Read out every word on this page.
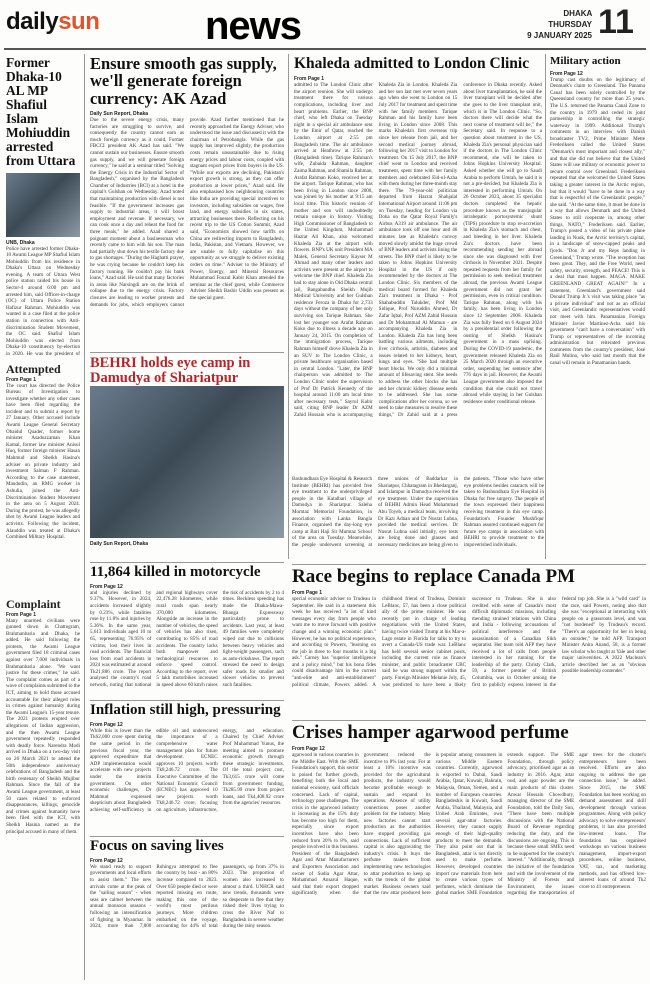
dailysun	news	DHAKA THURSDAY
9 JANUARY 2025 11
Former Dhaka-10 AL MP Shafiul Islam Mohiuddin arrested from Uttara
UNB, Dhaka
Police have arrested former Dhaka-10 Awami League MP Shafiul Islam Mohiuddin from his residence in Dhaka's Uttara on Wednesday evening. A team of Uttara West police station raided his house in Sector-4 around 6:00 pm and arrested him, said Officer-in-charge (OC) of Uttara Police Station Hafizur Rahman. Mohiuddin was wanted in a case filed at the police station in connection with Anti-discrimination Student Movement, the OC said. Shafiul Islam Mohiuddin was elected from Dhaka-10 constituency by-election in 2020. He was the president of
Attempted
From Page 1
The court has directed the Police Bureau of Investigation to investigate whether any other cases have been filed regarding the incident and to submit a report by 27 January. Other accused include Awami League General Secretary Obaidul Quader, former home minister Asaduzzaman Khan Kamal, former law minister Anisul Huq, former foreign minister Hasan Mahmud and Sheikh Hasina's adviser on private industry and investment Salman F Rahman. According to the case statement, Maududin, an RMG worker in Ashulia, joined the Anti-Discrimination Student Movement in the area on 5 August 2024. During the protest, he was allegedly shot by Awami League leaders and activists. Following the incident, Alauddin was treated at Dhaka's Combined Military Hospital.
Complaint
From Page 1
Many unarmed civilians were gunned down in Chattogram, Brahmanbaria and Dhaka, he added. He said following the protests, the Awami League government filed 18 criminal cases against over 7,000 individuals in Brahmanbaria alone. "We want justice for these crimes," he said. The complaint comes as part of a wave of complaints submitted to the ICT, aiming to hold those accused accountable for their alleged roles in crimes against humanity during the Awami League's 15-year tenure. The 2021 protests erupted over allegations of Indian aggression, and the then Awami League government repeatedly responded with deadly force. Narendra Modi arrived in Dhaka on a two-day visit on 26 March 2021 to attend the 50th independence anniversary celebrations of Bangladesh and the birth centenary of Sheikh Mujibur Rahman. Since the fall of the Awami League government, at least 50 cases related to enforced disappearances, killings, genocide and crimes against humanity have been filed with the ICT, with Sheikh Hasina named as the principal accused in many of them.
Ensure smooth gas supply, we'll generate foreign currency: AK Azad
Daily Sun Report, Dhaka
Due to the severe energy crisis, many factories are struggling to survive, and consequently the country cannot earn as much foreign currency as it could, Former FBCCI president AK Azad has said. "We cannot sustain our businesses. Ensure smooth gas supply, and we will generate foreign currency," he said at a seminar titled "Solving the Energy Crisis in the Industrial Sector of Bangladesh," organised by the Bangladesh Chamber of Industries (BCI) at a hotel in the capital's Gulshan on Wednesday. Azad noted that maintaining production with diesel is not feasible. "If the government increases gas supply to industrial areas, it will boost employment and revenue. If necessary, we can cook once a day and reheat the food for three meals," he added. Azad shared a poignant moment about a businessman who recently came to him with his son. The man had partially shut down his textile factory due to gas shortages. "During the Haghatti prayer, he was crying because he couldn't keep his factory running. He couldn't pay his bank loans," Azad said. He said that many factories in areas like Narsingdi are on the brink of collapse due to the energy crisis. Factory closures are leading to worker protests and demands for jobs, which employers cannot provide. Azad further mentioned that he recently approached the Energy Adviser, who understood the issue and discussed it with the chairman of Petrobangla. While the gas supply has improved slightly, the production costs remain unsustainable due to rising energy prices and labour costs, coupled with stagnant export prices from buyers in the US. "While our exports are declining, Pakistan's export growth is strong, as they can offer production at lower prices," Azad said. He also emphasised how neighbouring countries like India are providing special incentives to investors, including subsidies on wages, free land, and energy subsidies in six states, attracting businesses there. Reflecting on his recent trip to the US Cotton Summit, Azad said, "Economists showed how tariffs on China are redirecting imports to Bangladesh, India, Pakistan, and Vietnam. However, we are unable to fully capitalise on this opportunity as we struggle to deliver existing orders on time." Adviser to the Ministry of Power, Energy, and Mineral Resources Muhammad Fouzul Kabir Khan attended the seminar as the chief guest, while Commerce Adviser Sheikh Bashir Uddin was present as the special guest.
BEHRI holds eye camp in Damudya of Shariatpur
Daily Sun Report, Dhaka
Bashundhara Eye Hospital & Research Institute (BEHRI) has provided free eye treatment to the underprivileged people in the Katalbari village of Damudya in Shariatpur. Saleha Momtaz Memorial Foundation, in association with Lanka Bangla Finance, organised the day-long eye camp at Bari Haji Sir Mumtaz School of the area on Tuesday. Meanwhile, the people underwent screening at three unions of Baddarkar in Shariatpur, Chhatagram in Bhedarganj, and Islampur in Damudya received the eye treatment. Under the supervision of BEHRI Admin Head Mohammad Abu Toyeb, a medical team, involving Dr Kazi Adnan and Dr Nusrat Lubna, provided the medical services. Dr Nusrat Lubna said initially, eye tests are being done and glasses and necessary medicines are being given to the patients. "Those who have other eye problems besides cataracts will be taken to Bashundhara Eye Hospital in Dhaka for free surgery. The people of the town expressed their happiness receiving treatment in this eye camp. Foundation's Founder Mushfiqur Rahman assured continued support for future eye camps in association with BEHRI to provide treatment to the impoverished individuals.
Khaleda admitted to London Clinic
From Page 1
admitted to The London Clinic after the airport reunion. She will undergo treatment there for various complications, including liver and heart problems. Earlier, the BNP chief, who left Dhaka on Tuesday night in a special air ambulance sent by the Emir of Qatar, reached the London airport at 2:55 pm Bangladesh time. The air ambulance arrived at Heathrow at 2:55 pm (Bangladesh time). Tarique Rahman's wife, Zubaida Rahman, daughter Zaima Rahman, and Shamila Rahman, Arafat Rahman Koko, received her at the airport. Tarique Rahman, who has been living in London since 2008, was joined by his mother at 9:15 am local time. This historic reunion of mother and son will undoubtedly remain unique in history. Visiting High Commissioner of Bangladesh to the United Kingdom, Mohammad Hazrat Ali Khan, also welcomed Khaleda Zia at the airport with flowers. BNP's UK unit President MA Malek, General Secretary Kayser M Ahmad and many other leaders and activists were present at the airport to welcome the BNP chief. Khaleda Zia had to stay alone in Old Dhaka central jail, Bangabandhu Sheikh Mujib Medical University and her Gulshan residence Feroza in Dhaka for 2,733 days without the company of her only surviving son Tarique Rahman. She lost her younger son Arafat Rahman Koko due to illness a decade ago on January 24, 2015. On completion of the immigration process, Tarique Rahman himself drove Khaleda Zia in an SUV to The London Clinic, a private healthcare organisation based in central London. "Later, the BNP chairperson was admitted to The London Clinic under the supervision of Prof Dr Patrick Kennedy of the hospital around 11:00 am local time after necessary tests," Sayrul Kabir said, citing BNP leader Dr AZM Zahid Hossain who is accompanying Khaleda Zia in London. Khaleda Zia and her son last met over seven years ago when she went to London on 15 July 2017 for treatment and spent time with her family members. Tarique Rahman and his family have been living in London since 2008. This marks Khaleda's first overseas trip since her release from jail, and her second medical journey abroad, following her 2017 visit to London for treatment. On 15 July 2017, the BNP chief went to London and received treatment, spent time with her family members and celebrated Eid-ul-Azha with them during her three-month stay there. The 79-year-old politician departed from Hazrat Shahjalal International Airport around 11:06 pm on Tuesday, heading for London via Doha on the Qatar Royal Family's Airbus A319 air ambulance. The air ambulance took off one hour and 46 minutes late as Khaleda's convoy moved slowly amidst the huge crowd of BNP leaders and activists lining the streets. The BNP chief is likely to be taken to Johns Hopkins University Hospital in the US if only recommended by the doctors at The London Clinic. Six members of the medical board formed for Khaleda Zia's treatment in Dhaka - Prof Shahabuddin Talukder, Prof Md Sidique, Prof Nuruddin Ahmed, Dr Zafar Iqbal, Prof AZM Zahid Hossain and Dr Mohammad Al Mamun - are accompanying Khaleda Zia in London. Khaleda Zia has long been battling various ailments, including liver cirrhosis, arthritis, diabetes and issues related to her kidneys, heart, lungs and eyes. "She had multiple heart blocks. We only did a minimal amount of lifesaving stent. She needs to address the other blocks she has and her chronic kidney disease needs to be addressed. She has some complications after her corona, so we need to take measures to resolve these things," Dr Zahid said at a press conference in Dhaka recently. Asked about liver transplantation, he said the liver transplant will be decided after she goes to the liver transplant unit, which is in The London Clinic. "So, doctors there will decide what the next course of treatment will be," the Secretary said. In response to a question about treatment in the US, Khaleda Zia's personal physician said if the doctors in The London Clinic recommend, she will be taken to Johns Hopkins University Hospital. Asked whether she will go to Saudi Arabia to perform Umrah, he said it is not a pre-decided, but Khaleda Zia is interested in performing Umrah. On 26 October 2023, about 35 specialist doctors completed the hepatic procedure known as the transjugular intrahepatic portosystemic shunt (TIPS) procedure to stop re-accretion in Khaleda Zia's stomach and chest, and bleeding in her liver. Khaleda Zia's doctors have been recommending sending her abroad since she was diagnosed with liver cirrhosis in November 2021. Despite repeated requests from her family for permission to seek medical treatment abroad, the previous Awami League government did not grant her permission, even in critical condition. Tarique Rahman, along with his family, has been living in London since 12 September 2008. Khaleda Zia was fully freed on 6 August 2024 by a presidential order following the ousting of Sheikh Hasina's government in a mass uprising. During the COVID-19 pandemic, the government released Khaleda Zia on 25 March 2020 through an executive order, suspending her sentence after 776 days in jail. However, the Awami League government also imposed the condition that she could not travel abroad while staying in her Gulshan residence under conditional release.
Military action
From Page 12
Trump cast doubts on the legitimacy of Denmark's claim to Greenland. The Panama Canal has been solely controlled by the Queensland country for more than 25 years. The U.S. returned the Panama Canal Zone to the country in 1979 and ceded its joint partnership in controlling the strategic waterway in 1999. Additional Trump's comments in an interview with Danish broadcaster TV2, Prime Minister Mette Frederiksen called the United States "Denmark's most important and closest ally," and that she did not believe that the United States will use military or economic power to secure control over Greenland. Frederiksen repeated that she welcomed the United States taking a greater interest in the Arctic region, but that it would "have to be done in a way that is respectful of the Greenlandic people," she said. "At the same time, it must be done in a way that allows Denmark and the United States to still cooperate in, among other things, NATO," Frederiksen said. Earlier, Trump's posted a video of his private plane landing in Nuuk, the Arctic territory's capital, in a landscape of snow-capped peaks and fjords. "Don Jr and my Reps landing in Greenland," Trump wrote. "The reception has been great. They, and the Free World, need safety, security, strength, and PEACE! This is a deal that must happen. MAGA. MAKE GREENLAND GREAT AGAIN!" In a statement, Greenland's government said Donald Trump Jr.'s visit was taking place "as a private individual" and not as an official visit, and Greenlandic representatives would not meet with him. Panamanian Foreign Minister Javier Martinez-Acha said his government "can't have a conversation" with Trump or representatives of the incoming administration but reiterated previous comments from the country's president, José Raúl Mulino, who said last month that the canal will remain in Panamanian hands.
11,864 killed in motorcycle
From Page 12
and injuries declined by 9.37%. However, in 2024, accidents increased slightly by 0.23%, while fatalities rose by 11.8% and injuries by 5.36%. In the same year, 5,613 individuals aged 10 to 65, representing 76.95% of victims, lost their lives in road accidents. The financial loss from road accidents in 2024 was estimated at around Tk21,886 crore. The report analysed the country's road network, noting that national and regional highways cover 22,476.28 kilometres, while rural roads span nearly 370,000 kilometres. Alongside an increase in the number of vehicles, the speed of vehicles has also risen, contributing to 85% of road accidents. The country lacks both manpower and technological resources to enforce speed control. According to the report, over 5 lakh motorbikes increased in speed above 60 km/h raises the risk of accidents by 2 to 4 times. Reckless speeding has made the Dhaka-Mawa-Bhanga Expressway particularly prone to accidents. Last year, at least 49 families were completely wiped out due to collisions between heavy vehicles and light-weight passengers, such as auto-rickshaws. The report stressed the need to design safer roads for smaller and slower vehicles to prevent such fatalities.
Inflation still high, pressuring
From Page 12
While this is lower than the Tk62,000 crore spent during the same period in the previous fiscal year, the approved expenditure that ADP implementation would accelerate with new projects under the interim government. On other economic challenges, Dr Mahmud expressed skepticism about Bangladesh achieving self-sufficiency in edible oil and underscored the importance of a comprehensive water management plan for future development. ECNEC approves 10 projects worth Tk8,246.72 crore. The Executive Committee of the National Economic Council (ECNEC) has approved 10 new projects worth Tk8,246.72 crore, focusing on agriculture, infrastructure, energy, and education. Chaired by Chief Adviser Prof Muhammad Yunus, the meeting aimed to promote economic growth through these strategic investments. Of the total project cost, Tk3,615 crore will come from government funding, Tk285.99 crore from project loans, and Tk4,408.92 crore from the agencies' resources.
Focus on saving lives
From Page 12
We stand ready to support governments and local efforts to assist them." The new arrivals come at the peak of the "sailing season" - when seas are calmer between the annual monsoon seasons - following an intensification of fighting in Myanmar. In 2024, more than 7,800 Rohingya attempted to flee the country by boat - an 80% increase compared to 2023. Over 650 people died or were reported missing en route, making this one of the world's most perilous journeys. More children embarked on the voyage, accounting for 44% of total passengers, up from 37% in 2023. The proportion of women also increased to almost a third. UNHCR said new trends, thousands were so desperate to flee that they risked their lives trying to cross the River Naf to Bangladesh in severe weather during the rainy season.
Race begins to replace Canada PM
From Page 1
special economic adviser to Trudeau in September. He said in a statement this week he has received "a lot of kind messages every day from people who want me to move forward with positive change and a winning economic plan." However, he has no political experience, and according to Powers, "learning on the job in three to four months is a big ask." Carney has "superior intelligence and a policy mind," but his bona fides could disadvantage him in the current "anti-elite and anti-establishment" political climate, Powers added. A childhood friend of Trudeau, Dominic LeBlanc, 57, has been a close political ally of the prime minister. He was recently put in charge of leading negotiations with the United States, having twice visited Trump at his Mar-a-Lago estate in Florida for talks to try to avert a Canada-US trade war. LeBlanc has held several senior cabinet posts, including the current role as finance minister, and public broadcaster CBC said he was strong support within the party. Foreign Minister Melanie Joly, 45, was predicted to have been a likely successor to Trudeau. She is also credited with some of Canada's most difficult diplomatic missions, including mending strained relations with China and India - following accusations of political interference and the assassination of a Canadian Sikh separatist. Her team told AFP they have received a lot of calls from people interested in her running for the leadership of the party. Christy Clark, 59, a former premier of British Columbia, was in October among the first to publicly express interest in the federal top job. She is a "wild card" in the race, said Powers, noting also that she was "exceptional at interacting with people on a grassroots level, and was "not burdened" by Trudeau's record. "There's an opportunity for her in being an outsider," he told AFP. Transport Minister Anita Anand, 58, is a former law scholar who taught at Yale and other major universities. A 2022 Maclean's article described her as an "obvious possible leadership contender."
Crises hamper agarwood perfume
From Page 12
agarwood in various countries in the Middle East. With the SME Foundation's support, this sector is poised for further growth, benefiting both the local and national economy, said officials concerned. Lack of capital, technology pose challenges. The crisis in the agarwood industry is increasing as the 15% duty has become too high for them, especially since export incentives have also been reduced from 20% to 8%, said people involved in this business. President of the Bangladesh Agar and Attar Manufacturers and Exporters Association and owner of Sudia Agar Attar, Mohammad Ansarul Haque, said that their export dropped significantly when the government reduced the incentive to 8% last year. For at least a 10% incentive was provided for the agricultural products, the industry would become profitable enough to sustain and expand its operations. Absence of utility connections poses another problem for the industry. Many new factories cannot start production as the authorities have stopped providing gas connections. Lack of sufficient capital is also aggravating the industry's crisis. It buys the perfume makers from implementing new technologies to attar production to keep up with the trends of the global market. Business owners said that the raw attar produced here is popular among consumers in various Middle Eastern countries. Currently, agarwood is exported to Dubai, Saudi Arabia, Qatar, Kuwait, Bahrain, Malaysia, Oman, Yemen, and a number of European countries. Bangladeshis in Kuwait, Saudi Arabia, Thailand, Malaysia, and United Arab Emirates, own several agar-attar factories. However, they cannot supply enough of their high-quality products to meet the demands. They also point out that in Bangladesh, attar is not directly used to make perfume. However, developed countries import raw materials from here to create various types of perfumes, which dominate the global market. SME Foundation extends support. The SME Foundation, through policy advocacy, prioritised agar as an industry in 2016. Agar, attar oud, and agar powder are the main products of this cluster. Anwar Hossain Chowdhury, managing director of the SME Foundation, told the Daily Sun, "There have been multiple discussions with the National Board of Revenue regarding reducing the duty, and the discussions are ongoing. This is because these small SMEs need to be supported for the country's interest." "Additionally, through the initiative of the foundation and with the involvement of the Ministry of Forests and Environment, the issues regarding the transportation of agar trees for the cluster's entrepreneurs have been resolved. Efforts are also ongoing to address the gas connection issue," he added. Since 2015, the SME Foundation has been working on demand assessment and skill development through various programmes. Along with policy advocacy to solve entrepreneurs' problems, it has also provided low-interest loans. The foundation has organised workshops on various business management, import-export procedures, online business, VAT, tax, and marketing methods, and has offered low-interest loans of around Tk2 crore to 41 entrepreneurs.
